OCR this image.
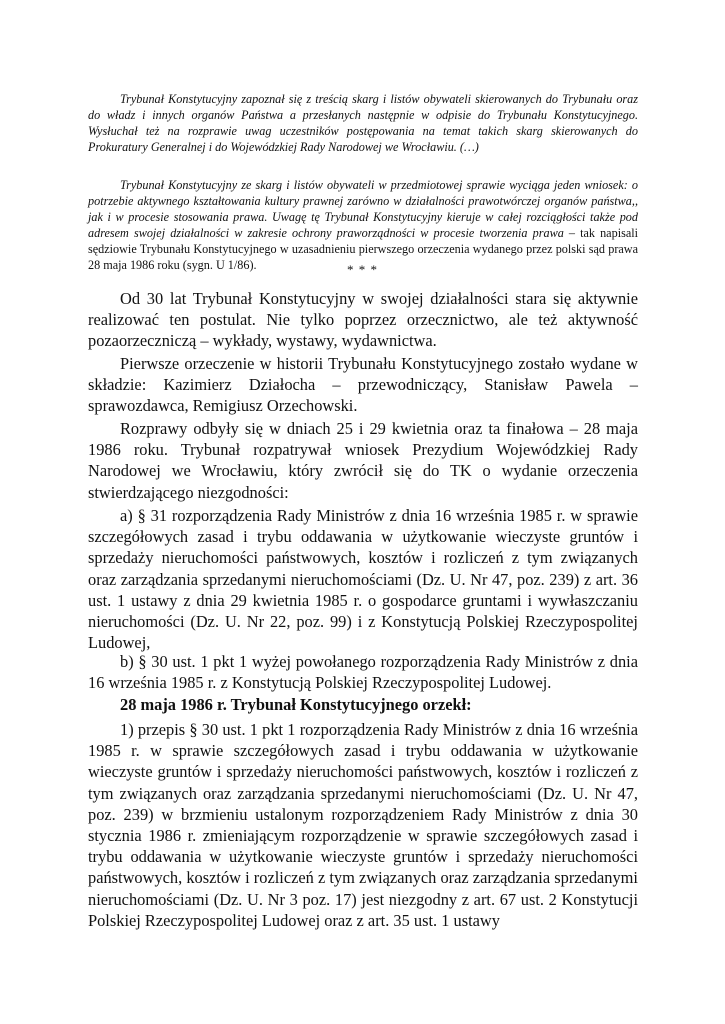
Trybunał Konstytucyjny zapoznał się z treścią skarg i listów obywateli skierowanych do Trybunału oraz do władz i innych organów Państwa a przesłanych następnie w odpisie do Trybunału Konstytucyjnego. Wysłuchał też na rozprawie uwag uczestników postępowania na temat takich skarg skierowanych do Prokuratury Generalnej i do Wojewódzkiej Rady Narodowej we Wrocławiu. (…)

Trybunał Konstytucyjny ze skarg i listów obywateli w przedmiotowej sprawie wyciąga jeden wniosek: o potrzebie aktywnego kształtowania kultury prawnej zarówno w działalności prawotwórczej organów państwa,, jak i w procesie stosowania prawa. Uwagę tę Trybunał Konstytucyjny kieruje w całej rozciągłości także pod adresem swojej działalności w zakresie ochrony praworządności w procesie tworzenia prawa – tak napisali sędziowie Trybunału Konstytucyjnego w uzasadnieniu pierwszego orzeczenia wydanego przez polski sąd prawa 28 maja 1986 roku (sygn. U 1/86).	* * *

Od 30 lat Trybunał Konstytucyjny w swojej działalności stara się aktywnie realizować ten postulat. Nie tylko poprzez orzecznictwo, ale też aktywność pozaorzeczniczą – wykłady, wystawy, wydawnictwa.

Pierwsze orzeczenie w historii Trybunału Konstytucyjnego zostało wydane w składzie: Kazimierz Działocha – przewodniczący, Stanisław Pawela – sprawozdawca, Remigiusz Orzechowski.

Rozprawy odbyły się w dniach 25 i 29 kwietnia oraz ta finałowa – 28 maja 1986 roku. Trybunał rozpatrywał wniosek Prezydium Wojewódzkiej Rady Narodowej we Wrocławiu, który zwrócił się do TK o wydanie orzeczenia stwierdzającego niezgodności:

a) § 31 rozporządzenia Rady Ministrów z dnia 16 września 1985 r. w sprawie szczegółowych zasad i trybu oddawania w użytkowanie wieczyste gruntów i sprzedaży nieruchomości państwowych, kosztów i rozliczeń z tym związanych oraz zarządzania sprzedanymi nieruchomościami (Dz. U. Nr 47, poz. 239) z art. 36 ust. 1 ustawy z dnia 29 kwietnia 1985 r. o gospodarce gruntami i wywłaszczaniu nieruchomości (Dz. U. Nr 22, poz. 99) i z Konstytucją Polskiej Rzeczypospolitej Ludowej,

b) § 30 ust. 1 pkt 1 wyżej powołanego rozporządzenia Rady Ministrów z dnia 16 września 1985 r. z Konstytucją Polskiej Rzeczypospolitej Ludowej.

28 maja 1986 r. Trybunał Konstytucyjnego orzekł:

1) przepis § 30 ust. 1 pkt 1 rozporządzenia Rady Ministrów z dnia 16 września 1985 r. w sprawie szczegółowych zasad i trybu oddawania w użytkowanie wieczyste gruntów i sprzedaży nieruchomości państwowych, kosztów i rozliczeń z tym związanych oraz zarządzania sprzedanymi nieruchomościami (Dz. U. Nr 47, poz. 239) w brzmieniu ustalonym rozporządzeniem Rady Ministrów z dnia 30 stycznia 1986 r. zmieniającym rozporządzenie w sprawie szczegółowych zasad i trybu oddawania w użytkowanie wieczyste gruntów i sprzedaży nieruchomości państwowych, kosztów i rozliczeń z tym związanych oraz zarządzania sprzedanymi nieruchomościami (Dz. U. Nr 3 poz. 17) jest niezgodny z art. 67 ust. 2 Konstytucji Polskiej Rzeczypospolitej Ludowej oraz z art. 35 ust. 1 ustawy
